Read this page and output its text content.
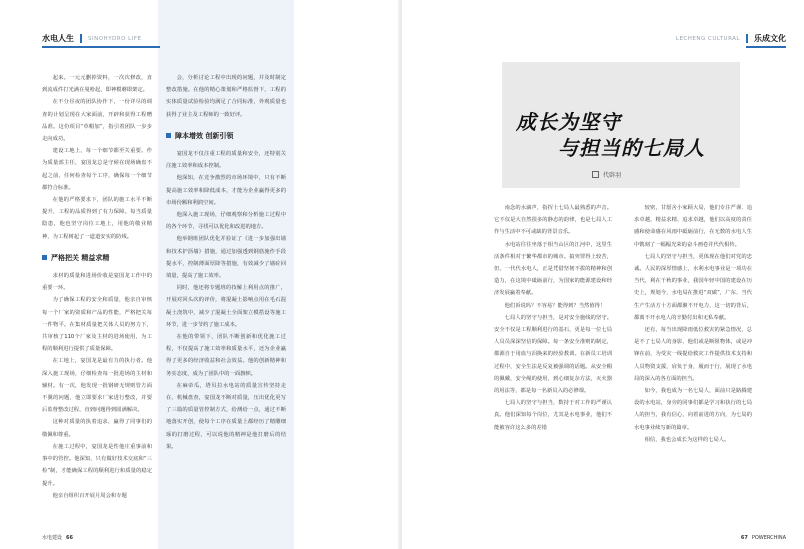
水电人生	SINOHYDRO LIFE

起来。一元元删掉资料，一次次修改，直到流成件打光满在曼哈起，即神模蘑即架定。

在不分昼夜的团队协作下，一份详尽的调查的计划呈现在大家面前，开辟和获得工程赠品准。这份项目“草帽加”，指引着团队一步步走向成功。

建设工地上，每一个细节都至关重要。作为质量部主任，宴国龙总是守候在现场确盘不起之前，任何检查每个工序，确保每一个细节都符合标准。

在他的严格要求下，团队的施工水平不断提升，工程的品质得到了有力保障。每当质量隐患，他也坚守岗位工地上，用他的敬业精神，为工程树起了一道道安实的防线。

严格把关 精益求精

求材的质量和进场价收是宴国龙工作中的重要一环。

为了确保工程的安全和质量，他亲自审核每一个厂家的资质和产品的性能，严格把关每一件物平。在集材质量把关体人员的努力下，共审核了110个厂家及主材的进场使用，为工程的顺利进行提供了质量保障。

在工地上，宴国龙是最有力的执行者。他深入施工现场，仔细检查每一批进场的主材和辅材。有一次，他发现一批钢研无规则管方面不翼的问题，他立即要求厂家进行整改，并要后监督整改过程，直到问题得到圆满解决。

这种对质量的执着追求，赢得了同事们的敬佩和尊重。

在施工过程中，宴国龙是性他庄重事前和事中的管控。他深知，只有做好技术交底和“三检”制，才能确保工程的顺利进行和质量的稳定提升。

他亲自组织百开展月周会和专题

会，分析讨论工程中出现的问题，并及时制定整改措施。在他的精心策划和严格监督下，工程的实体质量试验检验均满足了合同标准，外观质量也获得了业主及工程师的一致好评。

障本增效 创新引领

宴国龙不仅注重工程的质量和安全，还特别关注施工效率和成本控制。

他深知，在竞争激烈的市场环境中，只有不断提高施工效率和降低成本，才能为企业赢得更多的市场份额和利润空间。

他深入施工现场，仔细观察和分析施工过程中的各个环节，寻找可以优化和改进的地方。

他举钢班团队优化并验证了《进一步加强出墙和技术护沥墙》措施，通过加强透到钢筋施作手段提水平，控制薄面厚降等措施，有效减少了墙砼回填量，提高了施工效率。

同时，他还将专题班的技解上利用点的推广，开展对回头次的评价，将混凝土影响点用在毛石混凝土浇筑中，减少了混凝土全面架立模搭设等施工环节，进一步节约了施工成本。

在他的带领下，团队不断创新和优化施工过程，不仅提高了施工效率和质量水平，还为企业赢得了更多的经济收益和社会效益。他的创新精神和务实态度，成为了团队中的一面旗帜。

在麻帝瓜，塔贝拉水电站的质量宣传坚持走在、机械盘查，宴国龙不断对质量，压出优化更写了三篇的质量管控制方式，给测给一点，通过不断地落实开创，使每个工序在质量上都经历了精雕细琢的打磨过程，可以说他的精神是他打磨后的结果。

水电建设 66
LECHENG CULTURAL 乐成文化
成长为坚守
与担当的七局人
代辟羽

南念的水滴声，指挥士七局人最熟悉的声音。它不仅是大自然很多的静态的韵律，也是七局人工作与生活中不可或缺的背景音乐。

水电站往往坐落于相当山区的江河中，这里生活条件相对于繁华都市的城市。搞突罪得上较苦，但，一代代水电人，正是凭借坚韧不拔的精神和创造力，在这境中砥砺前行，为国家的能源建设和经济发展赢着奉献。

他们诉说吗？不容易？能得到？当然值得！

七局人的坚守与担当，是对安全施线的坚守。安全不仅是工程顺利进行的基石，更是每一位七局人员员深深坚信的保障。每一条安全准则的制定，都源自于用血与泪换来的经验教训。在新员工培训过程中，安全生法是反复被强调的话题。从安全帽的佩戴，安全绳的使用，到心细复杂方法，灭火器的用法等，都是每一名新员入的必修课。

七局人的坚守与担当，数持于对工作的严谨认真。他们深知每个岗位，尤其是水电事业，他们不能被容许这么多的差错

较密，甘愿舍小家顾大局，他们专注严谨、追求卓越，精益求精、追求卓越，他们以高度的责任感和使命感在风雨中砥砺前行，在无数的水电人生中镌刻了一幅幅光荣的奋斗画卷并代代相传。

七局人的坚守与担当，更体现在他们对党的忠诚。人民的深厚情感上，水利水电事业是一项功在当代，利在千秋的事业，我国年轻中国的建设在历史上，规划今，水电局在推进“双碳”，广东、当代生产生活方十方面都聚不开电力，这一切的背后，都离不开水电人的辛勤付出和无私奉献。

还有，每当出现降雨低位救灾的紧急情况，总是不了七局人的身影，他们或是断阻物体，或是冲锋在前，为受灾一线提给救灾工作提供技术支持和人员物资支援，肩负于身，履而于行，展现了水电局的深入的各方面的担当。

如今，我也成为一名七局人，面前只是路腾建设的水电站，身旁的同事们都是学习和执行的七局人的担当，我有信心，向着前进的方向，为七局的水电事业续写新的篇章。

相信，我也会成长为这样的七局人。

67 POWERCHINA
